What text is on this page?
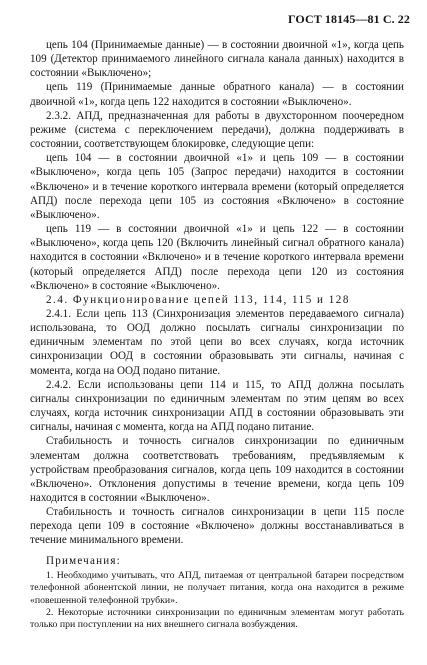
ГОСТ 18145—81 С. 22

цепь 104 (Принимаемые данные) — в состоянии двоичной «1», когда цепь 109 (Детектор принимаемого линейного сигнала канала данных) находится в состоянии «Выключено»;

цепь 119 (Принимаемые данные обратного канала) — в состоянии двоичной «1», когда цепь 122 находится в состоянии «Выключено».

2.3.2. АПД, предназначенная для работы в двухсторонном поочередном режиме (система с переключением передачи), должна поддерживать в состоянии, соответствующем блокировке, следующие цепи:

цепь 104 — в состоянии двоичной «1» и цепь 109 — в состоянии «Выключено», когда цепь 105 (Запрос передачи) находится в состоянии «Включено» и в течение короткого интервала времени (который определяется АПД) после перехода цепи 105 из состояния «Включено» в состояние «Выключено».

цепь 119 — в состоянии двоичной «1» и цепь 122 — в состоянии «Выключено», когда цепь 120 (Включить линейный сигнал обратного канала) находится в состоянии «Включено» и в течение короткого интервала времени (который определяется АПД) после перехода цепи 120 из состояния «Включено» в состояние «Выключено».

2.4. Функционирование цепей 113, 114, 115 и 128

2.4.1. Если цепь 113 (Синхронизация элементов передаваемого сигнала) использована, то ООД должно посылать сигналы синхронизации по единичным элементам по этой цепи во всех случаях, когда источник синхронизации ООД в состоянии образовывать эти сигналы, начиная с момента, когда на ООД подано питание.

2.4.2. Если использованы цепи 114 и 115, то АПД должна посылать сигналы синхронизации по единичным элементам по этим цепям во всех случаях, когда источник синхронизации АПД в состоянии образовывать эти сигналы, начиная с момента, когда на АПД подано питание.

Стабильность и точность сигналов синхронизации по единичным элементам должна соответствовать требованиям, предъявляемым к устройствам преобразования сигналов, когда цепь 109 находится в состоянии «Включено». Отклонения допустимы в течение времени, когда цепь 109 находится в состоянии «Выключено».

Стабильность и точность сигналов синхронизации в цепи 115 после перехода цепи 109 в состояние «Включено» должны восстанавливаться в течение минимального времени.

Примечания:

1. Необходимо учитывать, что АПД, питаемая от центральной батареи посредством телефонной абонентской линии, не получает питания, когда она находится в режиме «повешенной телефонной трубки».

2. Некоторые источники синхронизации по единичным элементам могут работать только при поступлении на них внешнего сигнала возбуждения.
